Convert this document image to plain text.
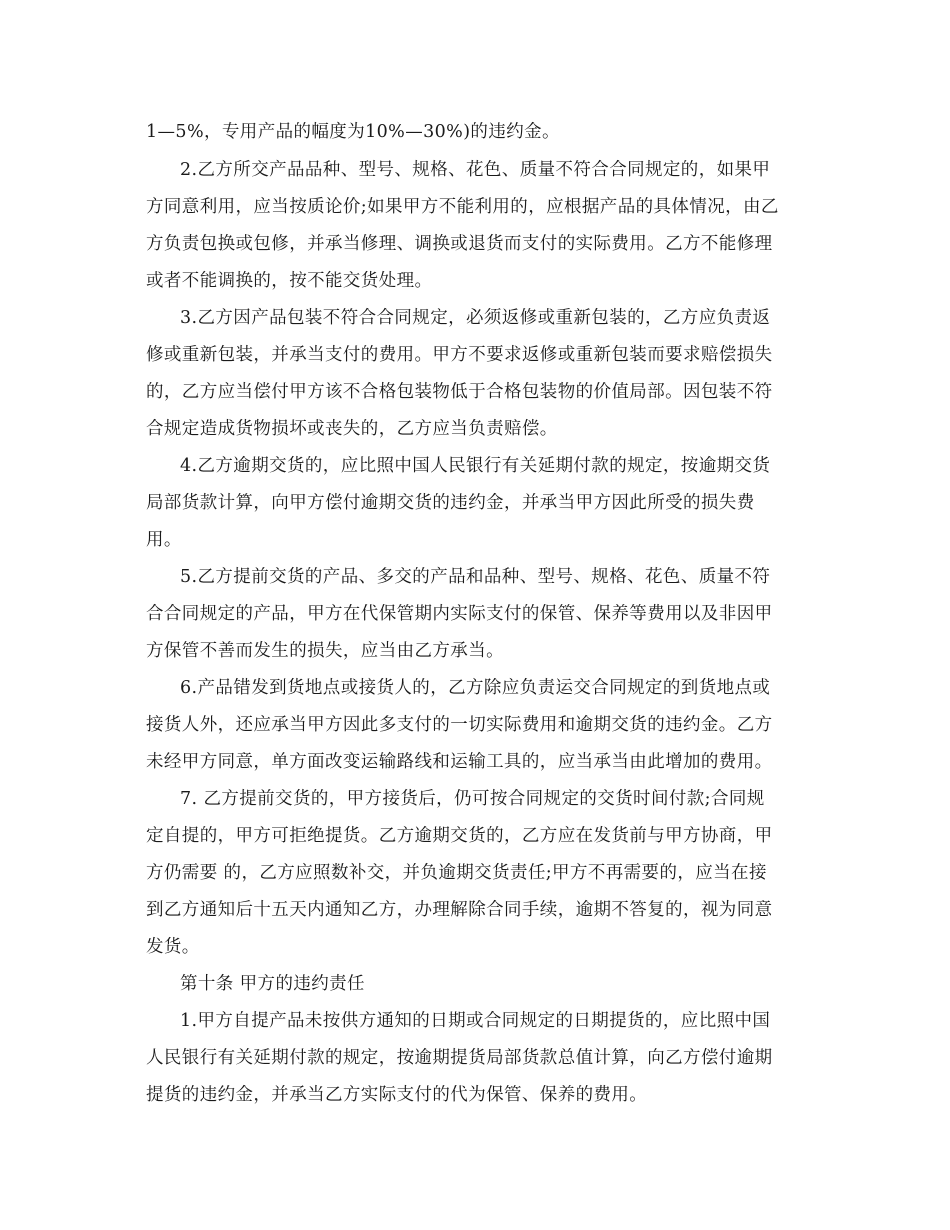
1—5%，专用产品的幅度为10%—30%)的违约金。
2.乙方所交产品品种、型号、规格、花色、质量不符合合同规定的，如果甲
方同意利用，应当按质论价;如果甲方不能利用的，应根据产品的具体情况，由乙
方负责包换或包修，并承当修理、调换或退货而支付的实际费用。乙方不能修理
或者不能调换的，按不能交货处理。
3.乙方因产品包装不符合合同规定，必须返修或重新包装的，乙方应负责返
修或重新包装，并承当支付的费用。甲方不要求返修或重新包装而要求赔偿损失
的，乙方应当偿付甲方该不合格包装物低于合格包装物的价值局部。因包装不符
合规定造成货物损坏或丧失的，乙方应当负责赔偿。
4.乙方逾期交货的，应比照中国人民银行有关延期付款的规定，按逾期交货
局部货款计算，向甲方偿付逾期交货的违约金，并承当甲方因此所受的损失费
用。
5.乙方提前交货的产品、多交的产品和品种、型号、规格、花色、质量不符
合合同规定的产品，甲方在代保管期内实际支付的保管、保养等费用以及非因甲
方保管不善而发生的损失，应当由乙方承当。
6.产品错发到货地点或接货人的，乙方除应负责运交合同规定的到货地点或
接货人外，还应承当甲方因此多支付的一切实际费用和逾期交货的违约金。乙方
未经甲方同意，单方面改变运输路线和运输工具的，应当承当由此增加的费用。
7. 乙方提前交货的，甲方接货后，仍可按合同规定的交货时间付款;合同规
定自提的，甲方可拒绝提货。乙方逾期交货的，乙方应在发货前与甲方协商，甲
方仍需要 的，乙方应照数补交，并负逾期交货责任;甲方不再需要的，应当在接
到乙方通知后十五天内通知乙方，办理解除合同手续，逾期不答复的，视为同意
发货。
第十条 甲方的违约责任
1.甲方自提产品未按供方通知的日期或合同规定的日期提货的，应比照中国
人民银行有关延期付款的规定，按逾期提货局部货款总值计算，向乙方偿付逾期
提货的违约金，并承当乙方实际支付的代为保管、保养的费用。
